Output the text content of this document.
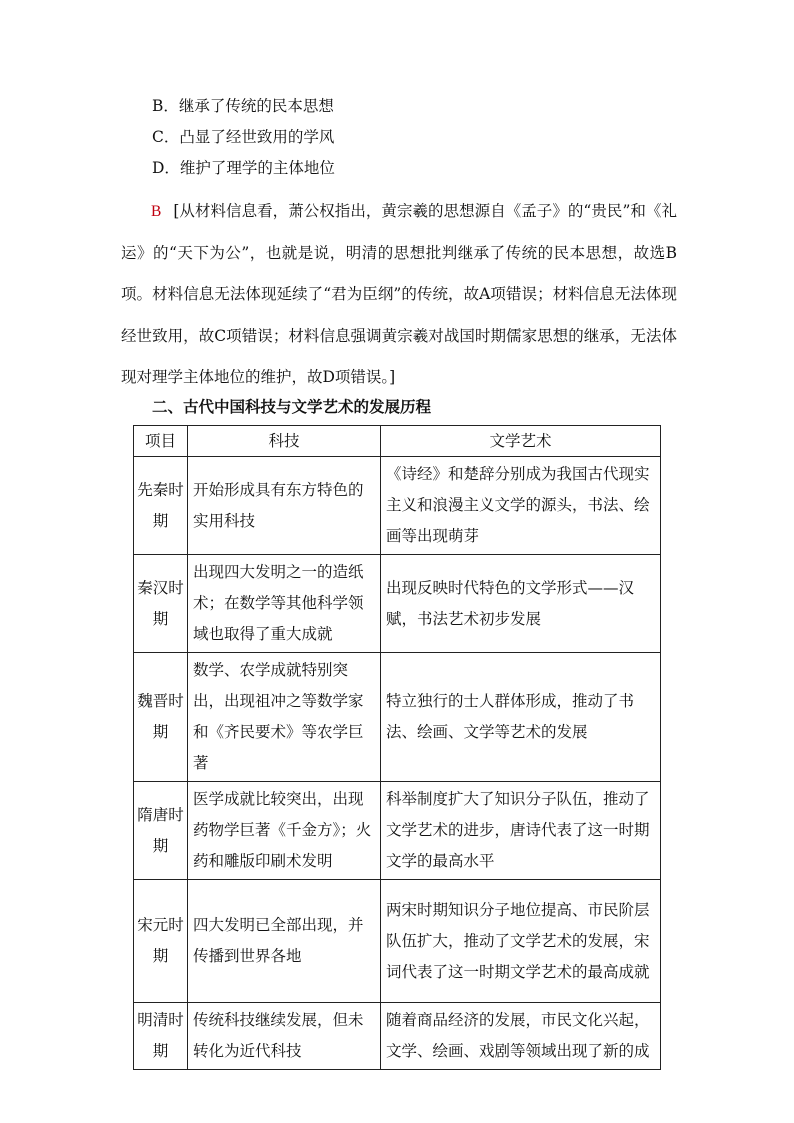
B．继承了传统的民本思想
C．凸显了经世致用的学风
D．维护了理学的主体地位
B [从材料信息看，萧公权指出，黄宗羲的思想源自《孟子》的“贵民”和《礼运》的“天下为公”，也就是说，明清的思想批判继承了传统的民本思想，故选B项。材料信息无法体现延续了“君为臣纲”的传统，故A项错误；材料信息无法体现经世致用，故C项错误；材料信息强调黄宗羲对战国时期儒家思想的继承，无法体现对理学主体地位的维护，故D项错误。]
二、古代中国科技与文学艺术的发展历程
项目	科技	文学艺术
先秦时期	开始形成具有东方特色的实用科技	《诗经》和楚辞分别成为我国古代现实主义和浪漫主义文学的源头，书法、绘画等出现萌芽
秦汉时期	出现四大发明之一的造纸术；在数学等其他科学领域也取得了重大成就	出现反映时代特色的文学形式——汉赋，书法艺术初步发展
魏晋时期	数学、农学成就特别突出，出现祖冲之等数学家和《齐民要术》等农学巨著	特立独行的士人群体形成，推动了书法、绘画、文学等艺术的发展
隋唐时期	医学成就比较突出，出现药物学巨著《千金方》；火药和雕版印刷术发明	科举制度扩大了知识分子队伍，推动了文学艺术的进步，唐诗代表了这一时期文学的最高水平
宋元时期	四大发明已全部出现，并传播到世界各地	两宋时期知识分子地位提高、市民阶层队伍扩大，推动了文学艺术的发展，宋词代表了这一时期文学艺术的最高成就
明清时期	传统科技继续发展，但未转化为近代科技	随着商品经济的发展，市民文化兴起，文学、绘画、戏剧等领域出现了新的成
